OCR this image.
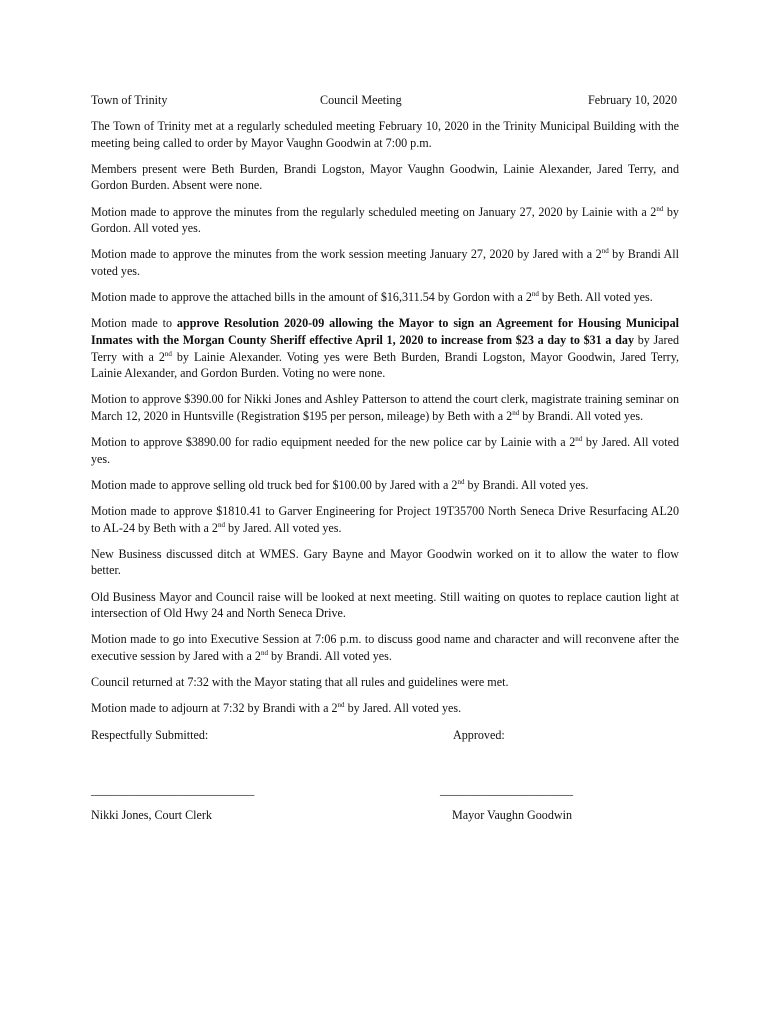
Town of Trinity	Council Meeting	February 10, 2020

The Town of Trinity met at a regularly scheduled meeting February 10, 2020 in the Trinity Municipal Building with the meeting being called to order by Mayor Vaughn Goodwin at 7:00 p.m.

Members present were Beth Burden, Brandi Logston, Mayor Vaughn Goodwin, Lainie Alexander, Jared Terry, and Gordon Burden. Absent were none.

Motion made to approve the minutes from the regularly scheduled meeting on January 27, 2020 by Lainie with a 2nd by Gordon. All voted yes.

Motion made to approve the minutes from the work session meeting January 27, 2020 by Jared with a 2nd by Brandi All voted yes.

Motion made to approve the attached bills in the amount of $16,311.54 by Gordon with a 2nd by Beth. All voted yes.

Motion made to approve Resolution 2020-09 allowing the Mayor to sign an Agreement for Housing Municipal Inmates with the Morgan County Sheriff effective April 1, 2020 to increase from $23 a day to $31 a day by Jared Terry with a 2nd by Lainie Alexander. Voting yes were Beth Burden, Brandi Logston, Mayor Goodwin, Jared Terry, Lainie Alexander, and Gordon Burden. Voting no were none.

Motion to approve $390.00 for Nikki Jones and Ashley Patterson to attend the court clerk, magistrate training seminar on March 12, 2020 in Huntsville (Registration $195 per person, mileage) by Beth with a 2nd by Brandi. All voted yes.

Motion to approve $3890.00 for radio equipment needed for the new police car by Lainie with a 2nd by Jared. All voted yes.

Motion made to approve selling old truck bed for $100.00 by Jared with a 2nd by Brandi. All voted yes.

Motion made to approve $1810.41 to Garver Engineering for Project 19T35700 North Seneca Drive Resurfacing AL20 to AL-24 by Beth with a 2nd by Jared. All voted yes.

New Business discussed ditch at WMES. Gary Bayne and Mayor Goodwin worked on it to allow the water to flow better.

Old Business Mayor and Council raise will be looked at next meeting. Still waiting on quotes to replace caution light at intersection of Old Hwy 24 and North Seneca Drive.

Motion made to go into Executive Session at 7:06 p.m. to discuss good name and character and will reconvene after the executive session by Jared with a 2nd by Brandi. All voted yes.

Council returned at 7:32 with the Mayor stating that all rules and guidelines were met.

Motion made to adjourn at 7:32 by Brandi with a 2nd by Jared. All voted yes.

Respectfully Submitted:	Approved:
___________________________	______________________
Nikki Jones, Court Clerk	Mayor Vaughn Goodwin
